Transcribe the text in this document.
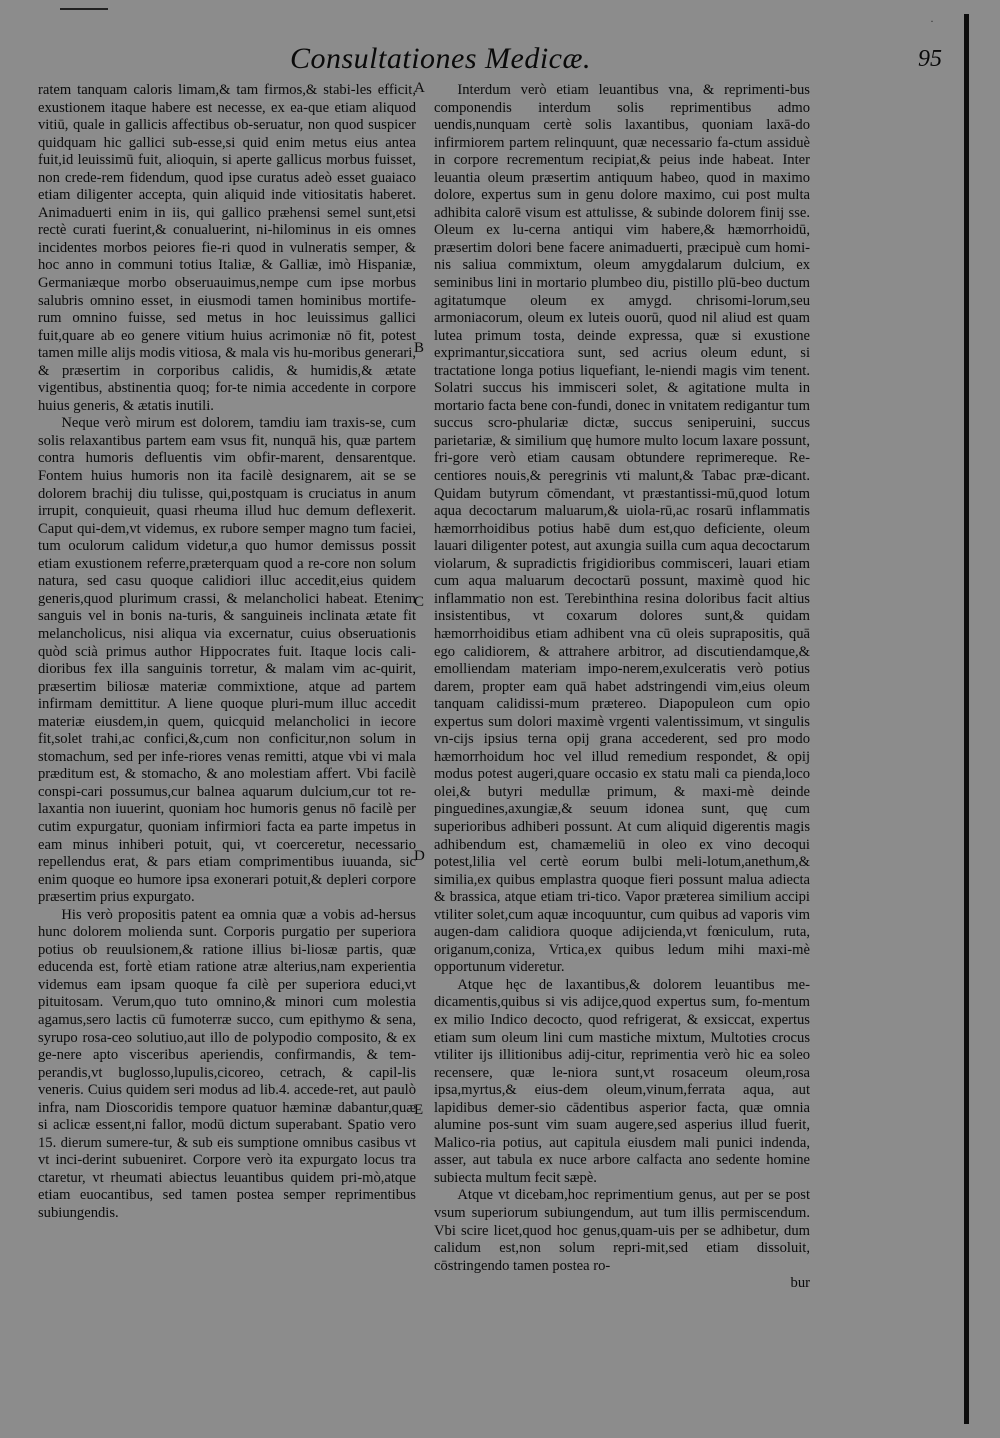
·
Consultationes Medicæ.	95

ratem tanquam caloris limam,& tam firmos,& stabi-les efficit, exustionem itaque habere est necesse, ex ea-que etiam aliquod vitiū, quale in gallicis affectibus ob-seruatur, non quod suspicer quidquam hic gallici sub-esse,si quid enim metus eius antea fuit,id leuissimū fuit, alioquin, si aperte gallicus morbus fuisset, non crede-rem fidendum, quod ipse curatus adeò esset guaiaco etiam diligenter accepta, quin aliquid inde vitiositatis haberet. Animaduerti enim in iis, qui gallico præhensi semel sunt,etsi rectè curati fuerint,& conualuerint, ni-hilominus in eis omnes incidentes morbos peiores fie-ri quod in vulneratis semper, & hoc anno in communi totius Italiæ, & Galliæ, imò Hispaniæ, Germaniæque morbo obseruauimus,nempe cum ipse morbus salubris omnino esset, in eiusmodi tamen hominibus mortife-rum omnino fuisse, sed metus in hoc leuissimus gallici fuit,quare ab eo genere vitium huius acrimoniæ nō fit, potest tamen mille alijs modis vitiosa, & mala vis hu-moribus generari, & præsertim in corporibus calidis, & humidis,& ætate vigentibus, abstinentia quoq; for-te nimia accedente in corpore huius generis, & ætatis inutili.

Neque verò mirum est dolorem, tamdiu iam traxis-se, cum solis relaxantibus partem eam vsus fit, nunquā his, quæ partem contra humoris defluentis vim obfir-marent, densarentque. Fontem huius humoris non ita facilè designarem, ait se se dolorem brachij diu tulisse, qui,postquam is cruciatus in anum irrupit, conquieuit, quasi rheuma illud huc demum deflexerit. Caput qui-dem,vt videmus, ex rubore semper magno tum faciei, tum oculorum calidum videtur,a quo humor demissus possit etiam exustionem referre,præterquam quod a re-core non solum natura, sed casu quoque calidiori illuc accedit,eius quidem generis,quod plurimum crassi, & melancholici habeat. Etenim sanguis vel in bonis na-turis, & sanguineis inclinata ætate fit melancholicus, nisi aliqua via excernatur, cuius obseruationis quòd scià primus author Hippocrates fuit. Itaque locis cali-dioribus fex illa sanguinis torretur, & malam vim ac-quirit, præsertim biliosæ materiæ commixtione, atque ad partem infirmam demittitur. A liene quoque pluri-mum illuc accedit materiæ eiusdem,in quem, quicquid melancholici in iecore fit,solet trahi,ac confici,&,cum non conficitur,non solum in stomachum, sed per infe-riores venas remitti, atque vbi vi mala præditum est, & stomacho, & ano molestiam affert. Vbi facilè conspi-cari possumus,cur balnea aquarum dulcium,cur tot re-laxantia non iuuerint, quoniam hoc humoris genus nō facilè per cutim expurgatur, quoniam infirmiori facta ea parte impetus in eam minus inhiberi potuit, qui, vt coerceretur, necessario repellendus erat, & pars etiam comprimentibus iuuanda, sic enim quoque eo humore ipsa exonerari potuit,& depleri corpore præsertim prius expurgato.

His verò propositis patent ea omnia quæ a vobis ad-hersus hunc dolorem molienda sunt. Corporis purgatio per superiora potius ob reuulsionem,& ratione illius bi-liosæ partis, quæ educenda est, fortè etiam ratione atræ alterius,nam experientia videmus eam ipsam quoque fa cilè per superiora educi,vt pituitosam. Verum,quo tuto omnino,& minori cum molestia agamus,sero lactis cū fumoterræ succo, cum epithymo & sena, syrupo rosa-ceo solutiuo,aut illo de polypodio composito, & ex ge-nere apto visceribus aperiendis, confirmandis, & tem-perandis,vt buglosso,lupulis,cicoreo, cetrach, & capil-lis veneris. Cuius quidem seri modus ad lib.4. accede-ret, aut paulò infra, nam Dioscoridis tempore quatuor hæminæ dabantur,quæ si aclicæ essent,ni fallor, modū dictum superabant. Spatio vero 15. dierum sumere-tur, & sub eis sumptione omnibus casibus vt vt inci-derint subueniret. Corpore verò ita expurgato locus tra ctaretur, vt rheumati abiectus leuantibus quidem pri-mò,atque etiam euocantibus, sed tamen postea semper reprimentibus subiungendis.

A
B
C
D
E

Interdum verò etiam leuantibus vna, & reprimenti-bus componendis interdum solis reprimentibus admo uendis,nunquam certè solis laxantibus, quoniam laxā-do infirmiorem partem relinquunt, quæ necessario fa-ctum assiduè in corpore recrementum recipiat,& peius inde habeat. Inter leuantia oleum præsertim antiquum habeo, quod in maximo dolore, expertus sum in genu dolore maximo, cui post multa adhibita calorē visum est attulisse, & subinde dolorem finij sse. Oleum ex lu-cerna antiqui vim habere,& hæmorrhoidū, præsertim dolori bene facere animaduerti, præcipuè cum homi-nis saliua commixtum, oleum amygdalarum dulcium, ex seminibus lini in mortario plumbeo diu, pistillo plū-beo ductum agitatumque oleum ex amygd. chrisomi-lorum,seu armoniacorum, oleum ex luteis ouorū, quod nil aliud est quam lutea primum tosta, deinde expressa, quæ si exustione exprimantur,siccatiora sunt, sed acrius oleum edunt, si tractatione longa potius liquefiant, le-niendi magis vim tenent. Solatri succus his immisceri solet, & agitatione multa in mortario facta bene con-fundi, donec in vnitatem redigantur tum succus scro-phulariæ dictæ, succus seniperuini, succus parietariæ, & similium quę humore multo locum laxare possunt, fri-gore verò etiam causam obtundere reprimereque. Re-centiores nouis,& peregrinis vti malunt,& Tabac præ-dicant. Quidam butyrum cōmendant, vt præstantissi-mū,quod lotum aqua decoctarum maluarum,& uiola-rū,ac rosarū inflammatis hæmorrhoidibus potius habē dum est,quo deficiente, oleum lauari diligenter potest, aut axungia suilla cum aqua decoctarum violarum, & supradictis frigidioribus commisceri, lauari etiam cum aqua maluarum decoctarū possunt, maximè quod hic inflammatio non est. Terebinthina resina doloribus facit altius insistentibus, vt coxarum dolores sunt,& quidam hæmorrhoidibus etiam adhibent vna cū oleis suprapositis, quā ego calidiorem, & attrahere arbitror, ad discutiendamque,& emolliendam materiam impo-nerem,exulceratis verò potius darem, propter eam quā habet adstringendi vim,eius oleum tanquam calidissi-mum prætereo. Diapopuleon cum opio expertus sum dolori maximè vrgenti valentissimum, vt singulis vn-cijs ipsius terna opij grana accederent, sed pro modo hæmorrhoidum hoc vel illud remedium respondet, & opij modus potest augeri,quare occasio ex statu mali ca pienda,loco olei,& butyri medullæ primum, & maxi-mè deinde pinguedines,axungiæ,& seuum idonea sunt, quę cum superioribus adhiberi possunt. At cum aliquid digerentis magis adhibendum est, chamæmeliū in oleo ex vino decoqui potest,lilia vel certè eorum bulbi meli-lotum,anethum,& similia,ex quibus emplastra quoque fieri possunt malua adiecta & brassica, atque etiam tri-tico. Vapor præterea similium accipi vtiliter solet,cum aquæ incoquuntur, cum quibus ad vaporis vim augen-dam calidiora quoque adijcienda,vt fœniculum, ruta, origanum,coniza, Vrtica,ex quibus ledum mihi maxi-mè opportunum videretur.

Atque hęc de laxantibus,& dolorem leuantibus me-dicamentis,quibus si vis adijce,quod expertus sum, fo-mentum ex milio Indico decocto, quod refrigerat, & exsiccat, expertus etiam sum oleum lini cum mastiche mixtum, Multoties crocus vtiliter ijs illitionibus adij-citur, reprimentia verò hic ea soleo recensere, quæ le-niora sunt,vt rosaceum oleum,rosa ipsa,myrtus,& eius-dem oleum,vinum,ferrata aqua, aut lapidibus demer-sio cādentibus asperior facta, quæ omnia alumine pos-sunt vim suam augere,sed asperius illud fuerit, Malico-ria potius, aut capitula eiusdem mali punici indenda, asser, aut tabula ex nuce arbore calfacta ano sedente homine subiecta multum fecit sæpè.

Atque vt dicebam,hoc reprimentium genus, aut per se post vsum superiorum subiungendum, aut tum illis permiscendum. Vbi scire licet,quod hoc genus,quam-uis per se adhibetur, dum calidum est,non solum repri-mit,sed etiam dissoluit, cōstringendo tamen postea ro-

bur
